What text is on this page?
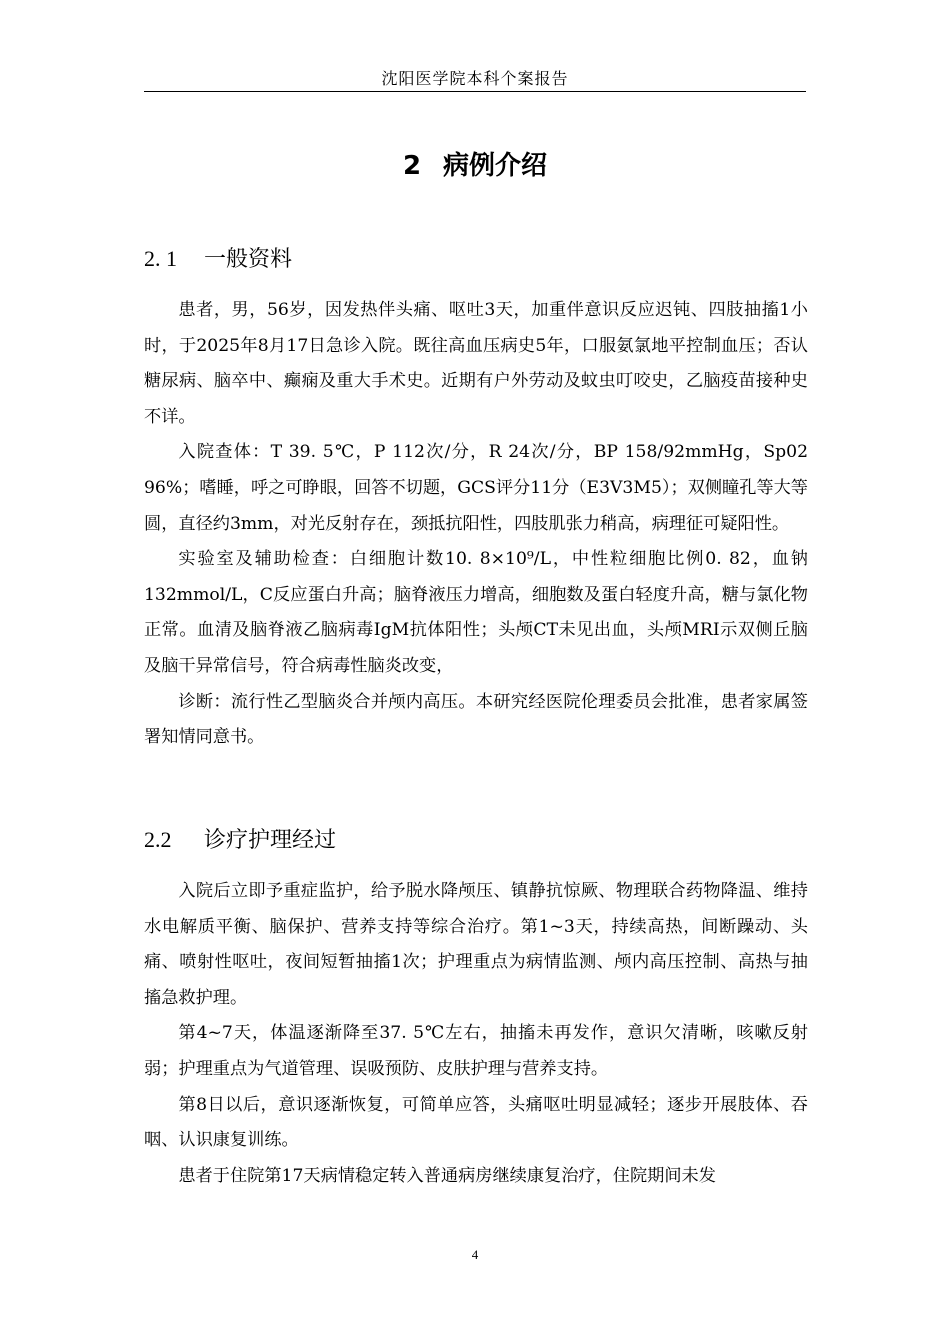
沈阳医学院本科个案报告
2 病例介绍
2. 1 一般资料

患者，男，56岁，因发热伴头痛、呕吐3天，加重伴意识反应迟钝、四肢抽搐1小时，于2025年8月17日急诊入院。既往高血压病史5年，口服氨氯地平控制血压；否认糖尿病、脑卒中、癫痫及重大手术史。近期有户外劳动及蚊虫叮咬史，乙脑疫苗接种史不详。

入院查体：T 39. 5℃，P 112次/分，R 24次/分，BP 158/92mmHg，Sp02 96%；嗜睡，呼之可睁眼，回答不切题，GCS评分11分（E3V3M5）；双侧瞳孔等大等圆，直径约3mm，对光反射存在，颈抵抗阳性，四肢肌张力稍高，病理征可疑阳性。

实验室及辅助检查：白细胞计数10. 8×10⁹/L，中性粒细胞比例0. 82，血钠132mmol/L，C反应蛋白升高；脑脊液压力增高，细胞数及蛋白轻度升高，糖与氯化物正常。血清及脑脊液乙脑病毒IgM抗体阳性；头颅CT未见出血，头颅MRI示双侧丘脑及脑干异常信号，符合病毒性脑炎改变，

诊断：流行性乙型脑炎合并颅内高压。本研究经医院伦理委员会批准，患者家属签署知情同意书。

2.2 诊疗护理经过

入院后立即予重症监护，给予脱水降颅压、镇静抗惊厥、物理联合药物降温、维持水电解质平衡、脑保护、营养支持等综合治疗。第1~3天，持续高热，间断躁动、头痛、喷射性呕吐，夜间短暂抽搐1次；护理重点为病情监测、颅内高压控制、高热与抽搐急救护理。

第4~7天，体温逐渐降至37. 5℃左右，抽搐未再发作，意识欠清晰，咳嗽反射弱；护理重点为气道管理、误吸预防、皮肤护理与营养支持。

第8日以后，意识逐渐恢复，可简单应答，头痛呕吐明显减轻；逐步开展肢体、吞咽、认识康复训练。

患者于住院第17天病情稳定转入普通病房继续康复治疗，住院期间未发

4
